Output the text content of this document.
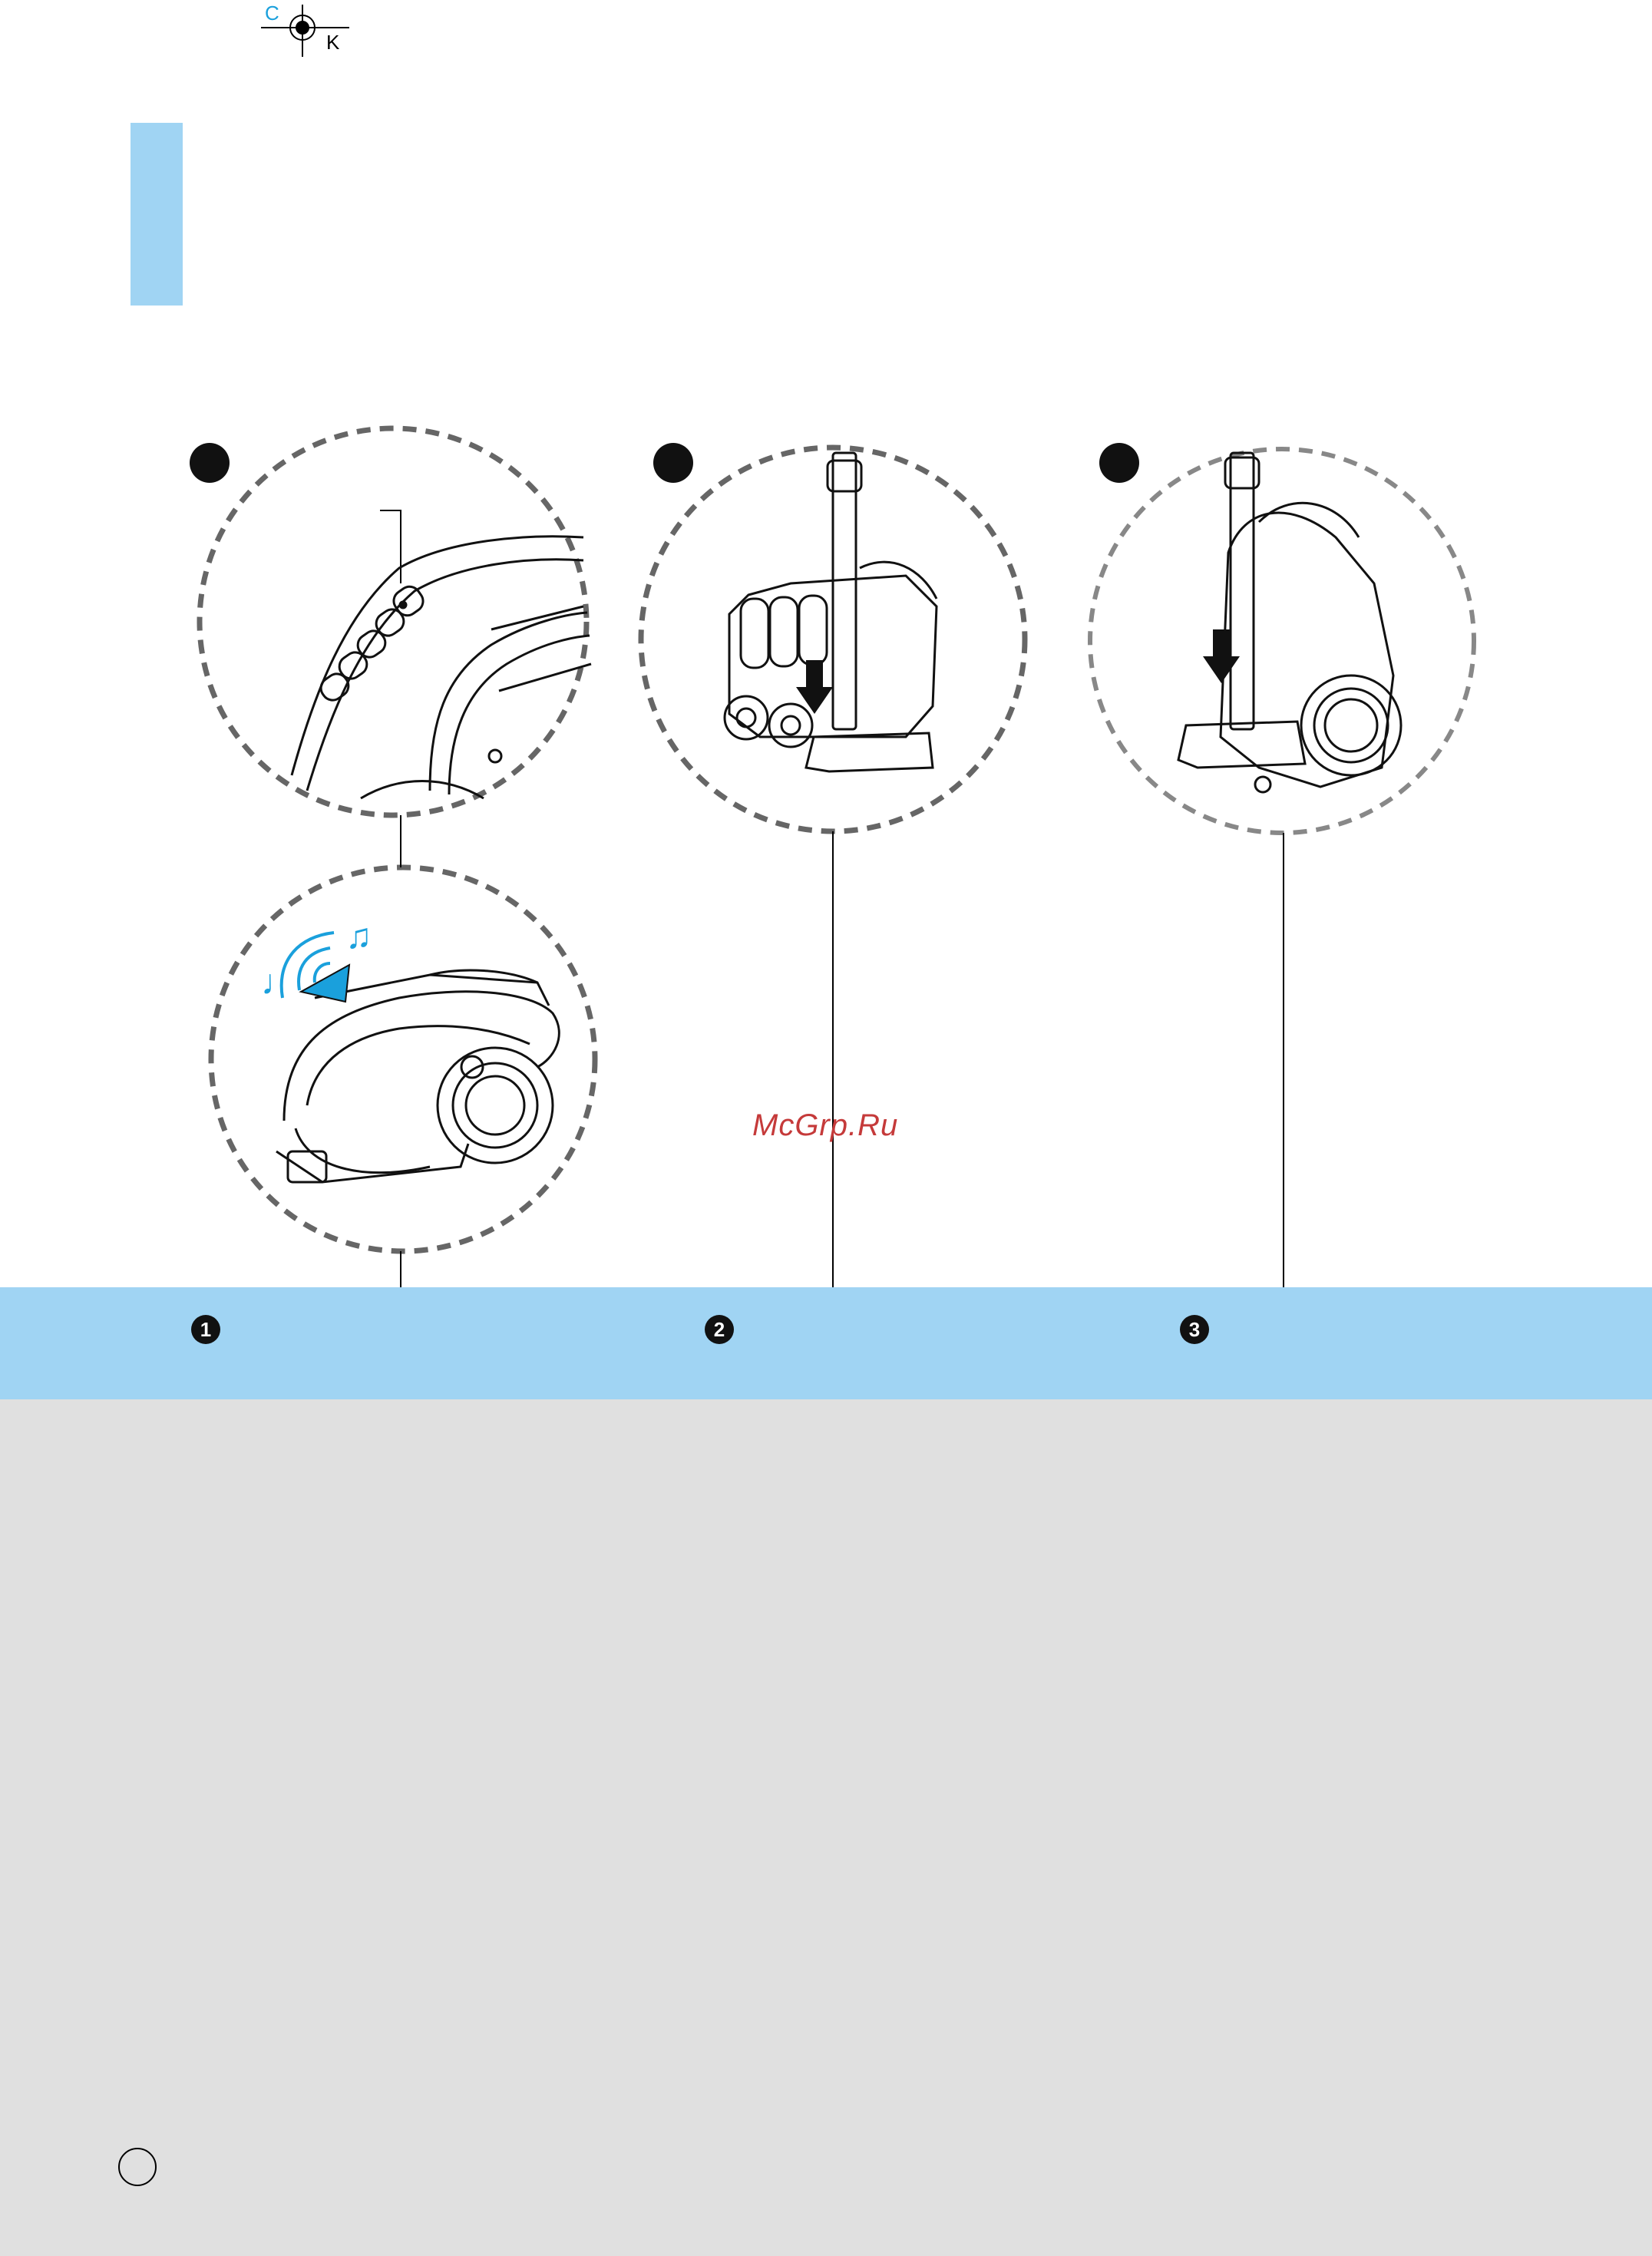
C
K
♩
♫
1	2	3
McGrp.Ru
